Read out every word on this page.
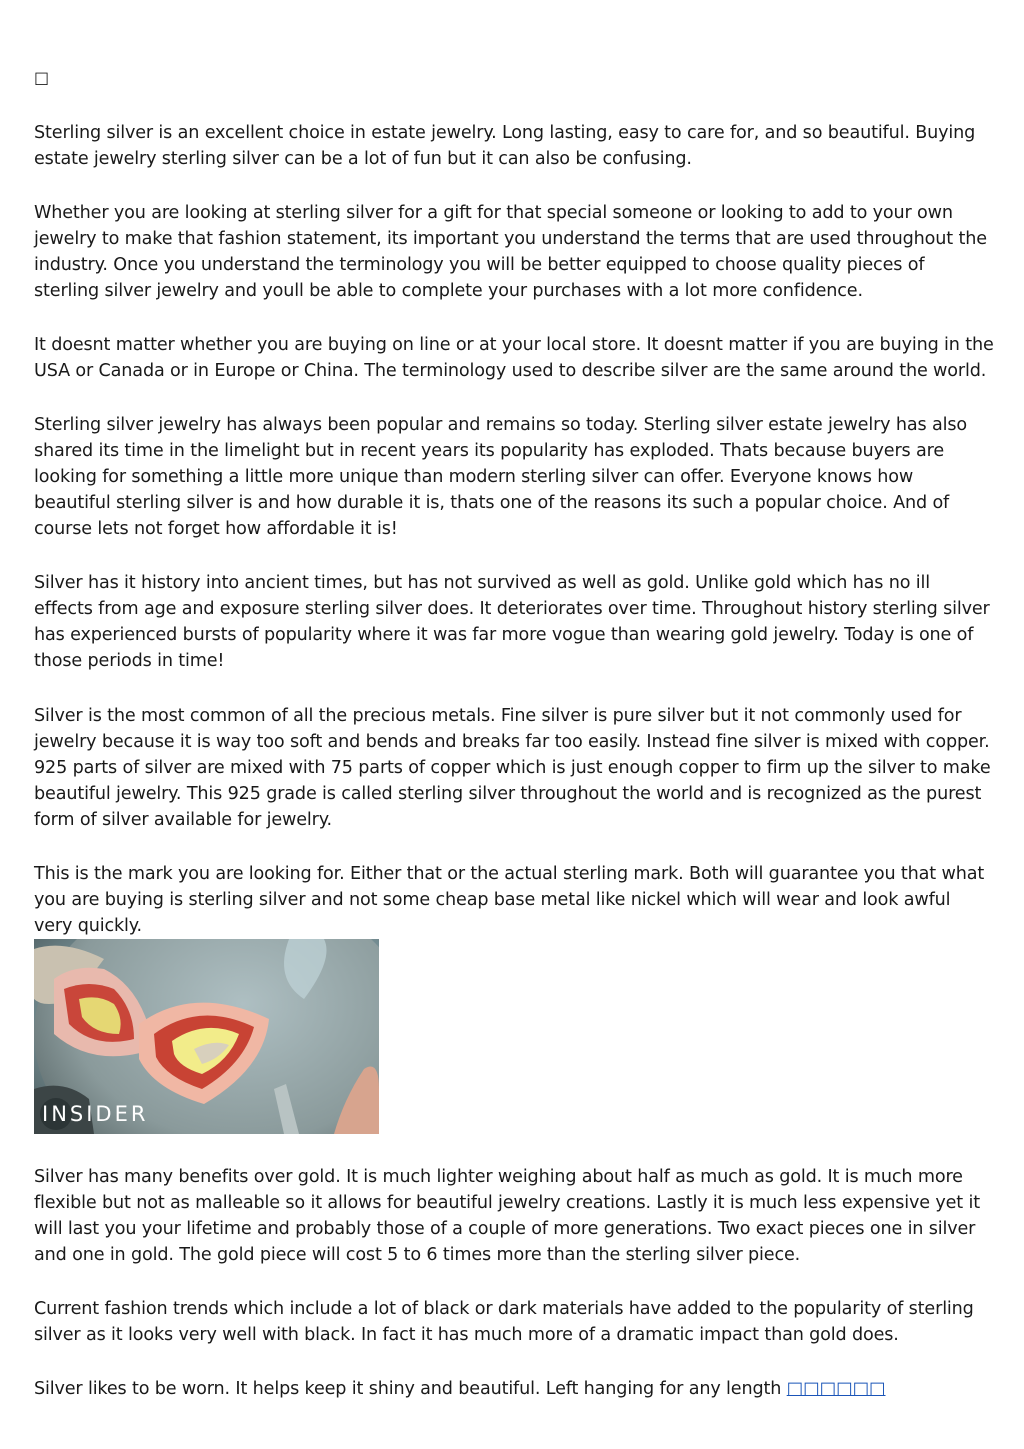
□

Sterling silver is an excellent choice in estate jewelry. Long lasting, easy to care for, and so beautiful. Buying estate jewelry sterling silver can be a lot of fun but it can also be confusing.

Whether you are looking at sterling silver for a gift for that special someone or looking to add to your own jewelry to make that fashion statement, its important you understand the terms that are used throughout the industry. Once you understand the terminology you will be better equipped to choose quality pieces of sterling silver jewelry and youll be able to complete your purchases with a lot more confidence.

It doesnt matter whether you are buying on line or at your local store. It doesnt matter if you are buying in the USA or Canada or in Europe or China. The terminology used to describe silver are the same around the world.

Sterling silver jewelry has always been popular and remains so today. Sterling silver estate jewelry has also shared its time in the limelight but in recent years its popularity has exploded. Thats because buyers are looking for something a little more unique than modern sterling silver can offer. Everyone knows how beautiful sterling silver is and how durable it is, thats one of the reasons its such a popular choice. And of course lets not forget how affordable it is!

Silver has it history into ancient times, but has not survived as well as gold. Unlike gold which has no ill effects from age and exposure sterling silver does. It deteriorates over time. Throughout history sterling silver has experienced bursts of popularity where it was far more vogue than wearing gold jewelry. Today is one of those periods in time!

Silver is the most common of all the precious metals. Fine silver is pure silver but it not commonly used for jewelry because it is way too soft and bends and breaks far too easily. Instead fine silver is mixed with copper. 925 parts of silver are mixed with 75 parts of copper which is just enough copper to firm up the silver to make beautiful jewelry. This 925 grade is called sterling silver throughout the world and is recognized as the purest form of silver available for jewelry.

This is the mark you are looking for. Either that or the actual sterling mark. Both will guarantee you that what you are buying is sterling silver and not some cheap base metal like nickel which will wear and look awful very quickly.

INSIDER

Silver has many benefits over gold. It is much lighter weighing about half as much as gold. It is much more flexible but not as malleable so it allows for beautiful jewelry creations. Lastly it is much less expensive yet it will last you your lifetime and probably those of a couple of more generations. Two exact pieces one in silver and one in gold. The gold piece will cost 5 to 6 times more than the sterling silver piece.

Current fashion trends which include a lot of black or dark materials have added to the popularity of sterling silver as it looks very well with black. In fact it has much more of a dramatic impact than gold does.

Silver likes to be worn. It helps keep it shiny and beautiful. Left hanging for any length □□□□□□
